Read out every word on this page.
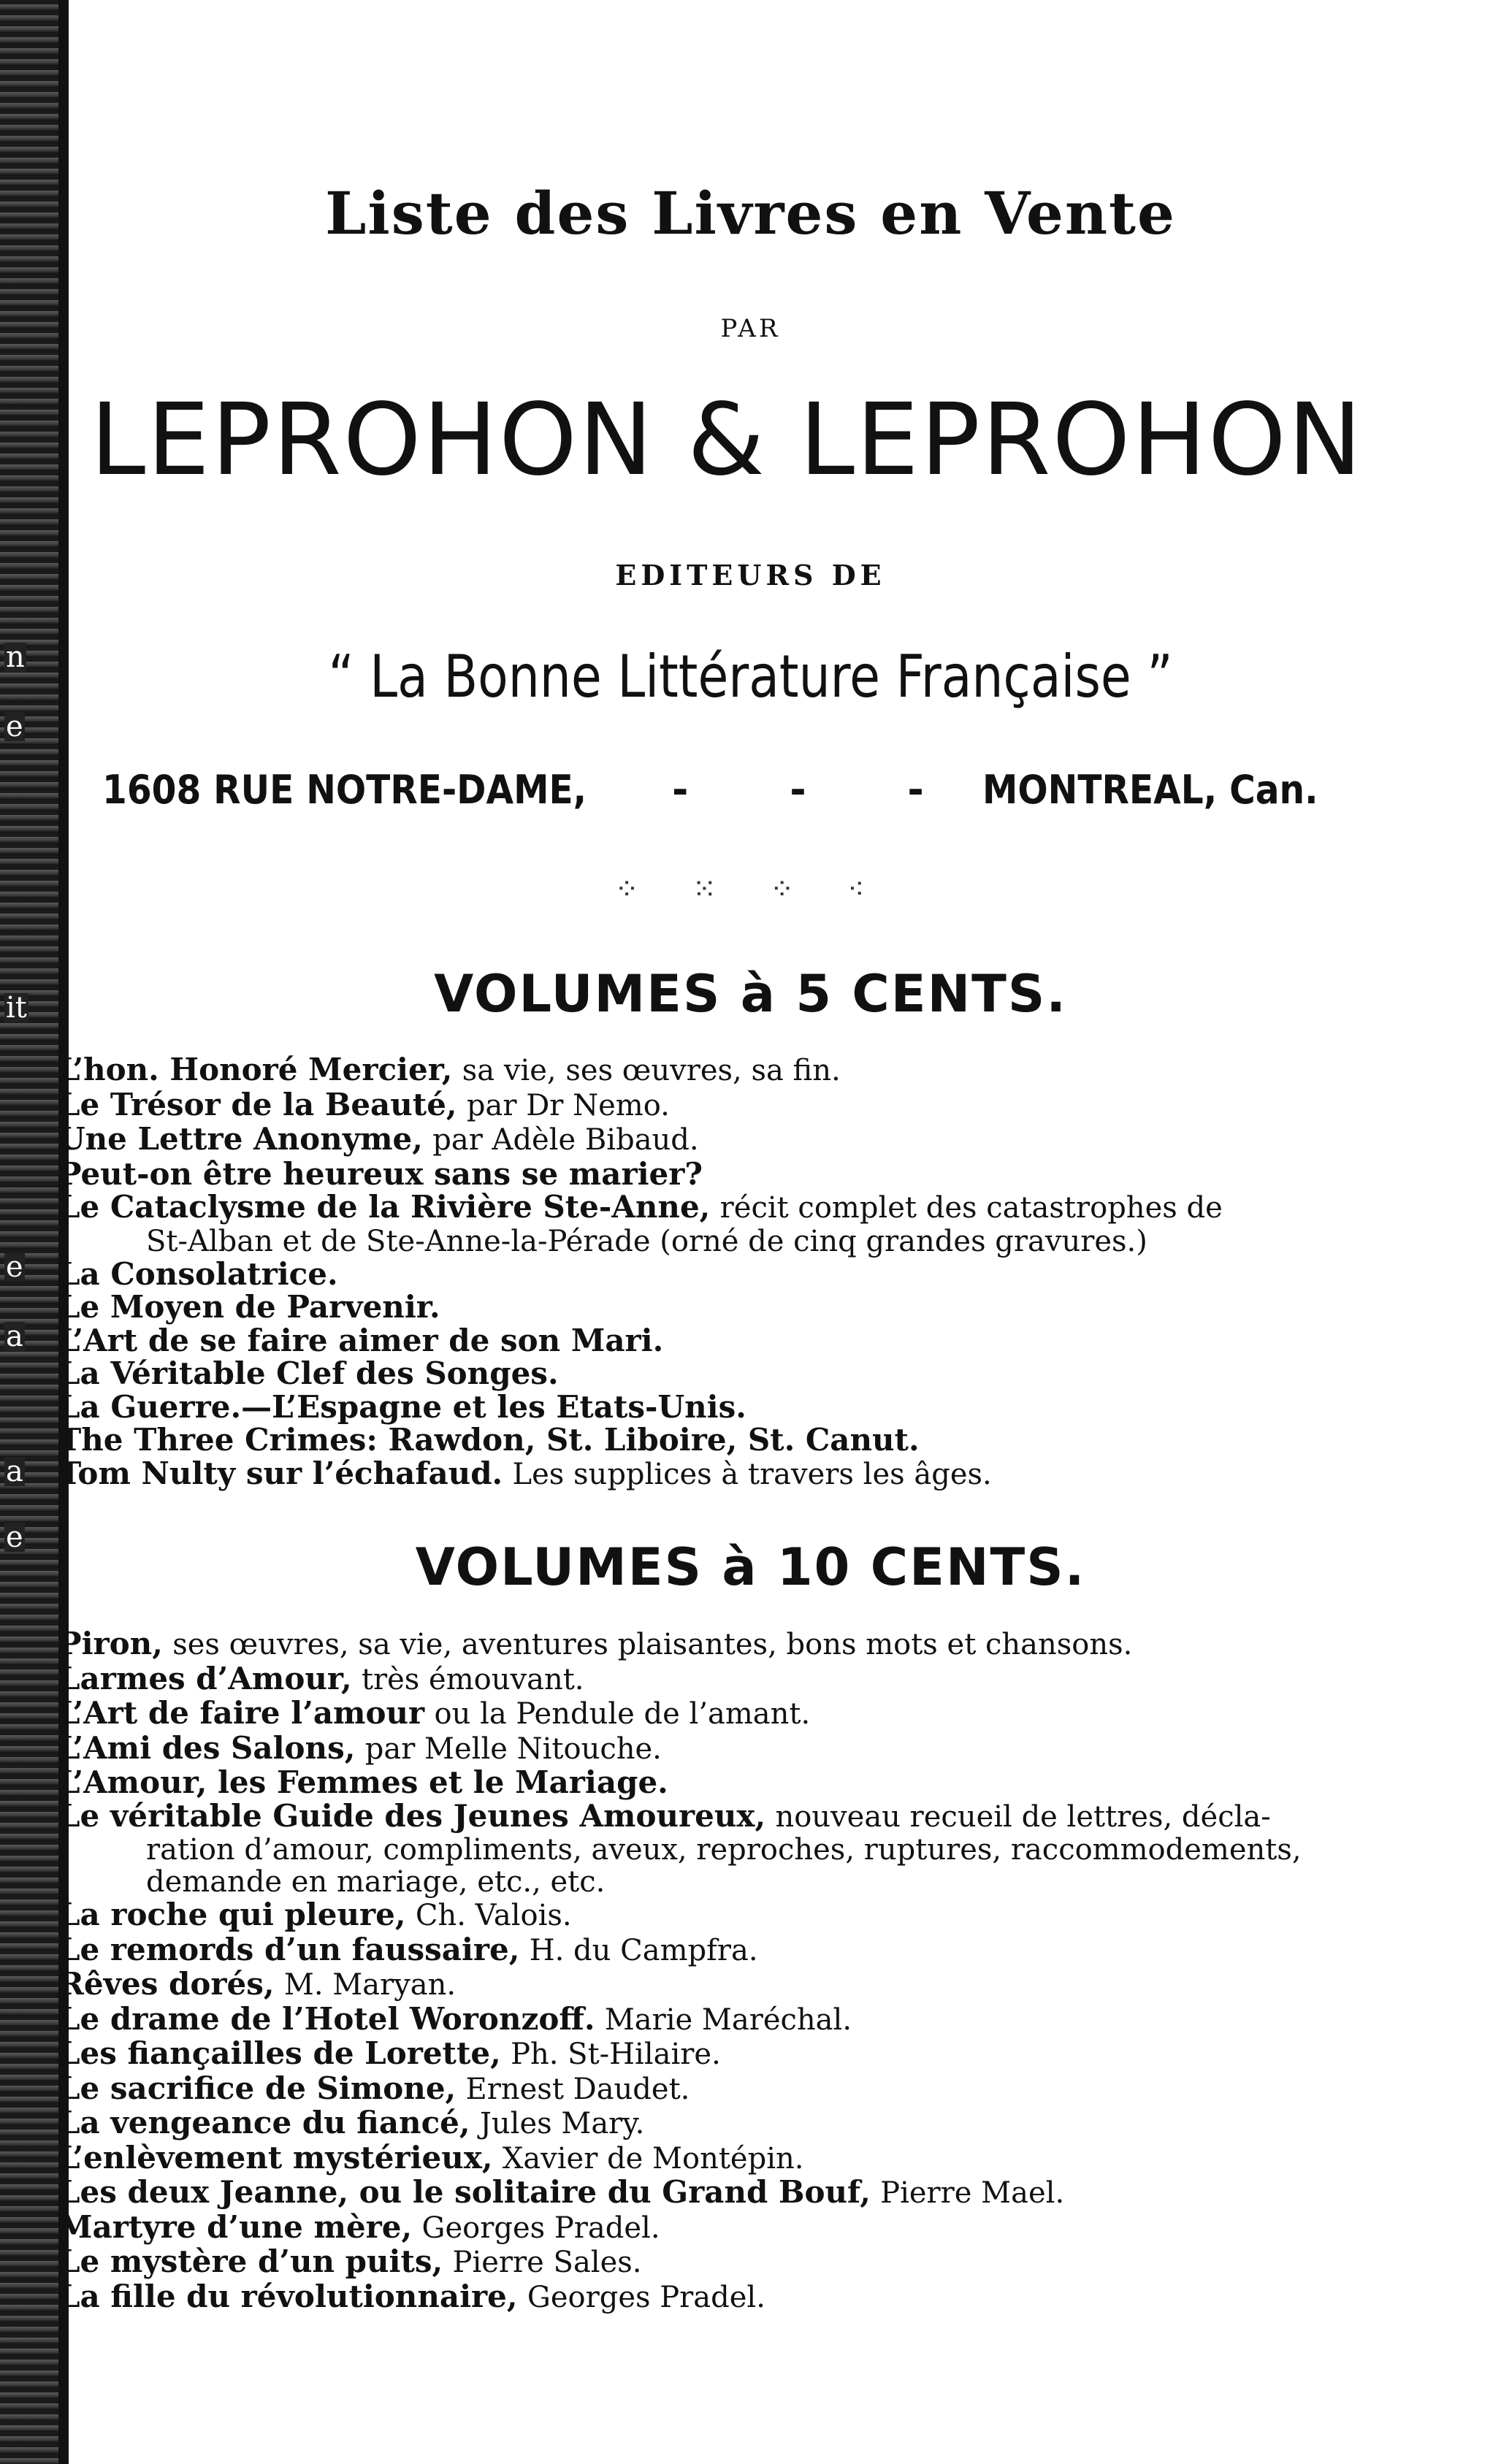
n
e
it
e
a
a
e
Liste des Livres en Vente
PAR
LEPROHON & LEPROHON
EDITEURS DE
“ La Bonne Littérature Française ”
1608 RUE NOTRE-DAME, - - - MONTREAL, Can.
⁘ ⁙ ⁘ ⁖
VOLUMES à 5 CENTS.
L’hon. Honoré Mercier, sa vie, ses œuvres, sa fin.
Le Trésor de la Beauté, par Dr Nemo.
Une Lettre Anonyme, par Adèle Bibaud.
Peut-on être heureux sans se marier?
Le Cataclysme de la Rivière Ste-Anne, récit complet des catastrophes de
St-Alban et de Ste-Anne-la-Pérade (orné de cinq grandes gravures.)
La Consolatrice.
Le Moyen de Parvenir.
L’Art de se faire aimer de son Mari.
La Véritable Clef des Songes.
La Guerre.—L’Espagne et les Etats-Unis.
The Three Crimes: Rawdon, St. Liboire, St. Canut.
Tom Nulty sur l’échafaud. Les supplices à travers les âges.
VOLUMES à 10 CENTS.
Piron, ses œuvres, sa vie, aventures plaisantes, bons mots et chansons.
Larmes d’Amour, très émouvant.
L’Art de faire l’amour ou la Pendule de l’amant.
L’Ami des Salons, par Melle Nitouche.
L’Amour, les Femmes et le Mariage.
Le véritable Guide des Jeunes Amoureux, nouveau recueil de lettres, décla-
ration d’amour, compliments, aveux, reproches, ruptures, raccommodements, demande en mariage, etc., etc.
La roche qui pleure, Ch. Valois.
Le remords d’un faussaire, H. du Campfra.
Rêves dorés, M. Maryan.
Le drame de l’Hotel Woronzoff. Marie Maréchal.
Les fiançailles de Lorette, Ph. St-Hilaire.
Le sacrifice de Simone, Ernest Daudet.
La vengeance du fiancé, Jules Mary.
L’enlèvement mystérieux, Xavier de Montépin.
Les deux Jeanne, ou le solitaire du Grand Bouf, Pierre Mael.
Martyre d’une mère, Georges Pradel.
Le mystère d’un puits, Pierre Sales.
La fille du révolutionnaire, Georges Pradel.
